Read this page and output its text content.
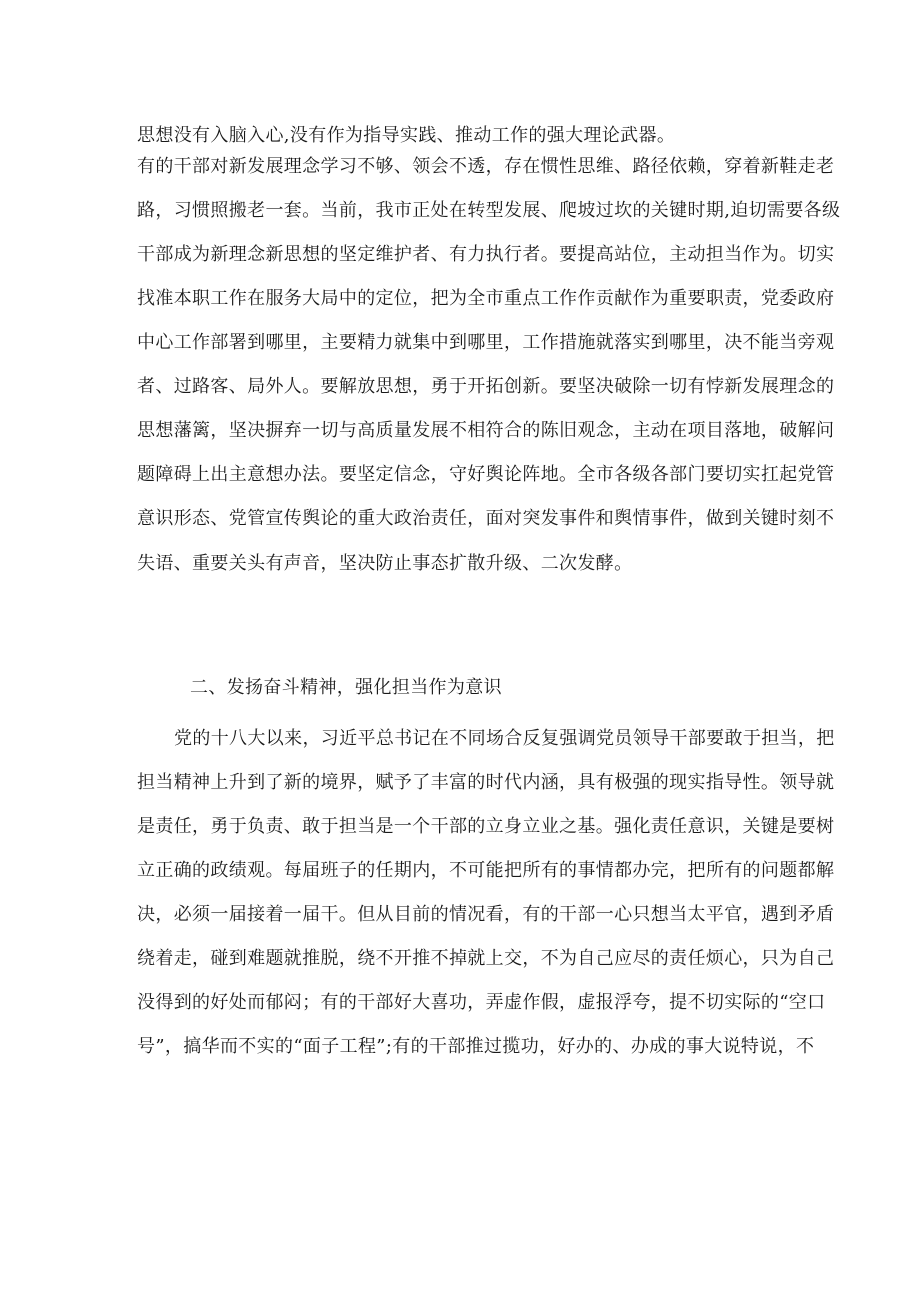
思想没有入脑入心,没有作为指导实践、推动工作的强大理论武器。
有的干部对新发展理念学习不够、领会不透，存在惯性思维、路径依赖，穿着新鞋走老
路，习惯照搬老一套。当前，我市正处在转型发展、爬坡过坎的关键时期,迫切需要各级
干部成为新理念新思想的坚定维护者、有力执行者。要提高站位，主动担当作为。切实
找准本职工作在服务大局中的定位，把为全市重点工作作贡献作为重要职责，党委政府
中心工作部署到哪里，主要精力就集中到哪里，工作措施就落实到哪里，决不能当旁观
者、过路客、局外人。要解放思想，勇于开拓创新。要坚决破除一切有悖新发展理念的
思想藩篱，坚决摒弃一切与高质量发展不相符合的陈旧观念，主动在项目落地，破解问
题障碍上出主意想办法。要坚定信念，守好舆论阵地。全市各级各部门要切实扛起党管
意识形态、党管宣传舆论的重大政治责任，面对突发事件和舆情事件，做到关键时刻不
失语、重要关头有声音，坚决防止事态扩散升级、二次发酵。
二、发扬奋斗精神，强化担当作为意识
党的十八大以来，习近平总书记在不同场合反复强调党员领导干部要敢于担当，把
担当精神上升到了新的境界，赋予了丰富的时代内涵，具有极强的现实指导性。领导就
是责任，勇于负责、敢于担当是一个干部的立身立业之基。强化责任意识，关键是要树
立正确的政绩观。每届班子的任期内，不可能把所有的事情都办完，把所有的问题都解
决，必须一届接着一届干。但从目前的情况看，有的干部一心只想当太平官，遇到矛盾
绕着走，碰到难题就推脱，绕不开推不掉就上交，不为自己应尽的责任烦心，只为自己
没得到的好处而郁闷；有的干部好大喜功，弄虚作假，虚报浮夸，提不切实际的“空口
号”，搞华而不实的“面子工程”;有的干部推过揽功，好办的、办成的事大说特说，不
